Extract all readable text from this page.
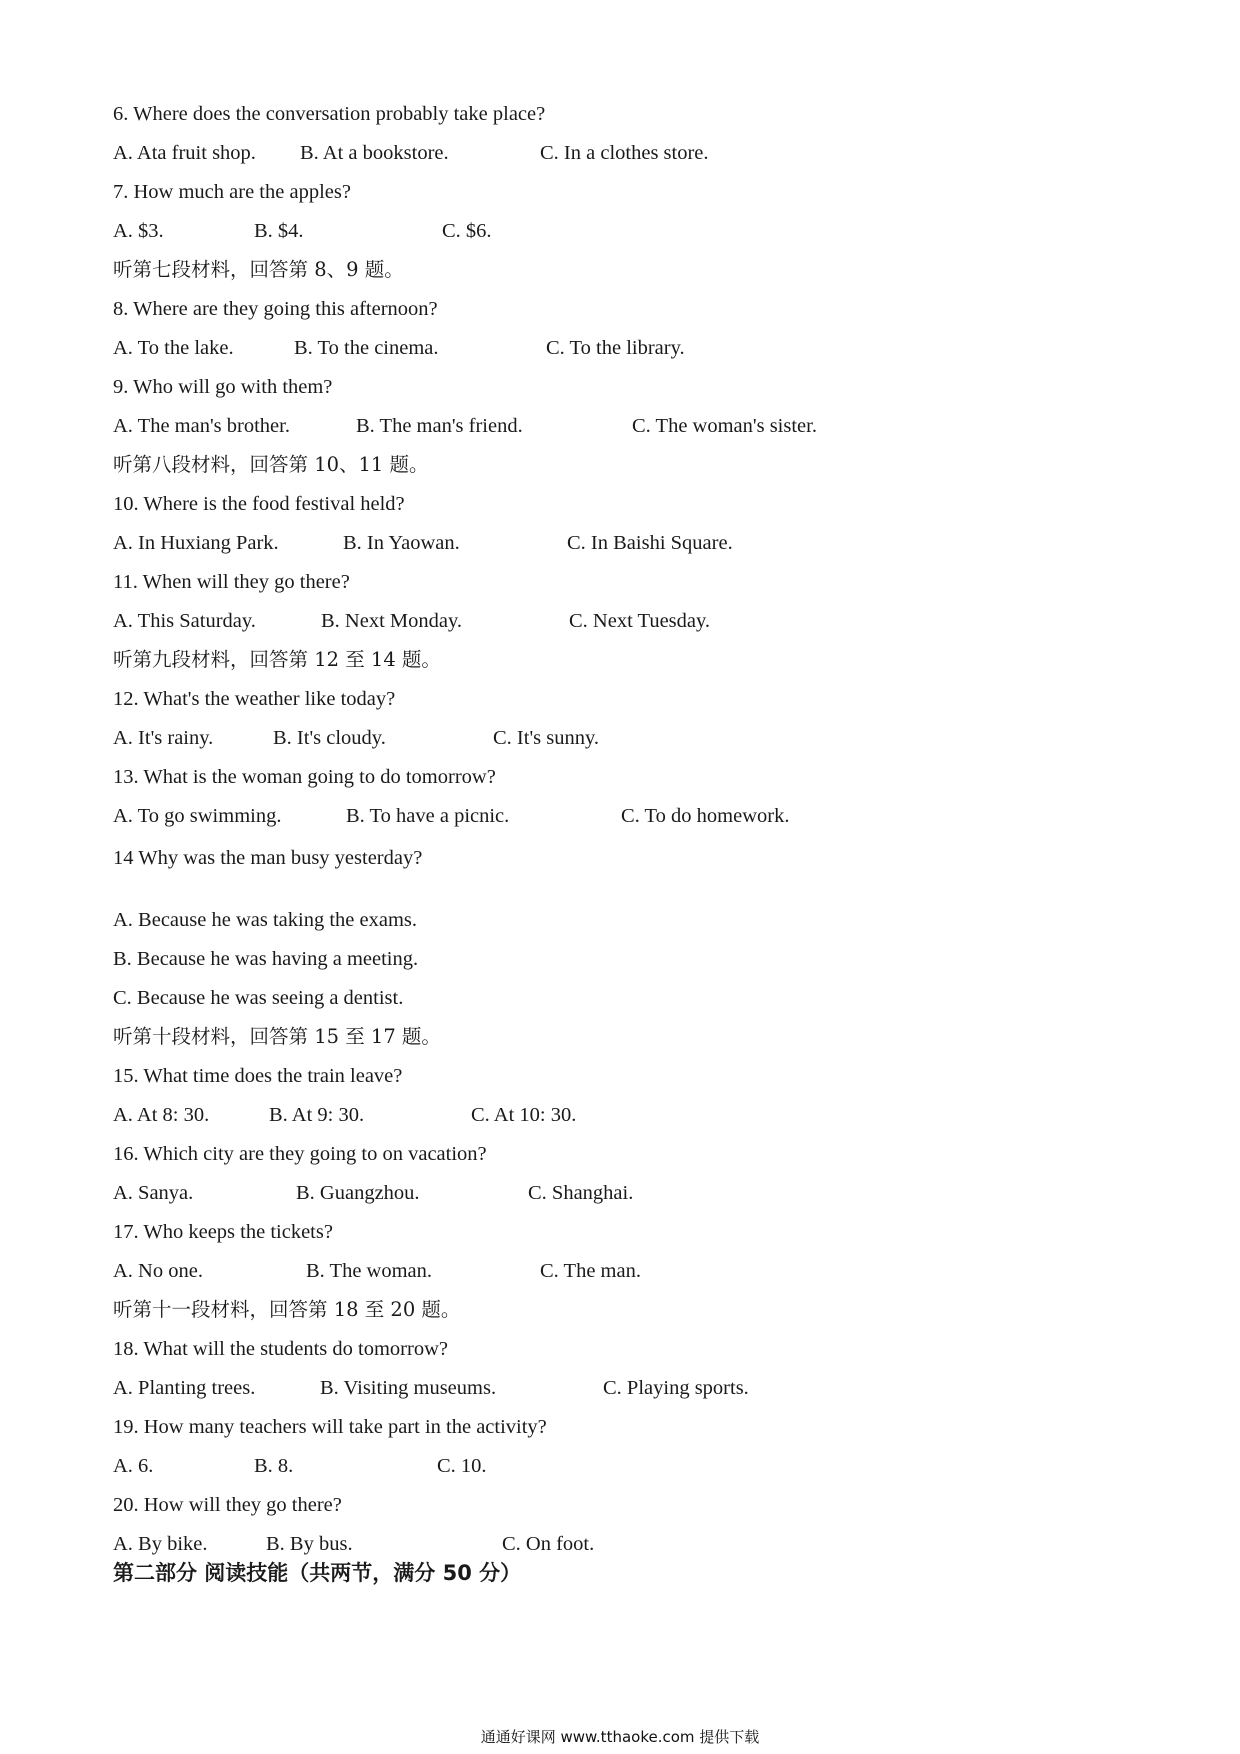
6. Where does the conversation probably take place?
A. Ata fruit shop. B. At a bookstore.	C. In a clothes store.
7. How much are the apples?
A. $3.	B. $4.	C. $6.
听第七段材料，回答第 8、9 题。
8. Where are they going this afternoon?
A. To the lake.	B. To the cinema.	C. To the library.
9. Who will go with them?
A. The man's brother.	B. The man's friend.	C. The woman's sister.
听第八段材料，回答第 10、11 题。
10. Where is the food festival held?
A. In Huxiang Park.	B. In Yaowan.	C. In Baishi Square.
11. When will they go there?
A. This Saturday.	B. Next Monday.	C. Next Tuesday.
听第九段材料，回答第 12 至 14 题。
12. What's the weather like today?
A. It's rainy.	B. It's cloudy.	C. It's sunny.
13. What is the woman going to do tomorrow?
A. To go swimming.	B. To have a picnic.	C. To do homework.
14 Why was the man busy yesterday?
A. Because he was taking the exams.
B. Because he was having a meeting.
C. Because he was seeing a dentist.
听第十段材料，回答第 15 至 17 题。
15. What time does the train leave?
A. At 8: 30.	B. At 9: 30.	C. At 10: 30.
16. Which city are they going to on vacation?
A. Sanya.	B. Guangzhou.	C. Shanghai.
17. Who keeps the tickets?
A. No one.	B. The woman.	C. The man.
听第十一段材料，回答第 18 至 20 题。
18. What will the students do tomorrow?
A. Planting trees.	B. Visiting museums.	C. Playing sports.
19. How many teachers will take part in the activity?
A. 6.	B. 8.	C. 10.
20. How will they go there?
A. By bike.	B. By bus.	C. On foot.
第二部分 阅读技能（共两节，满分 50 分）
通通好课网 www.tthaoke.com 提供下载
